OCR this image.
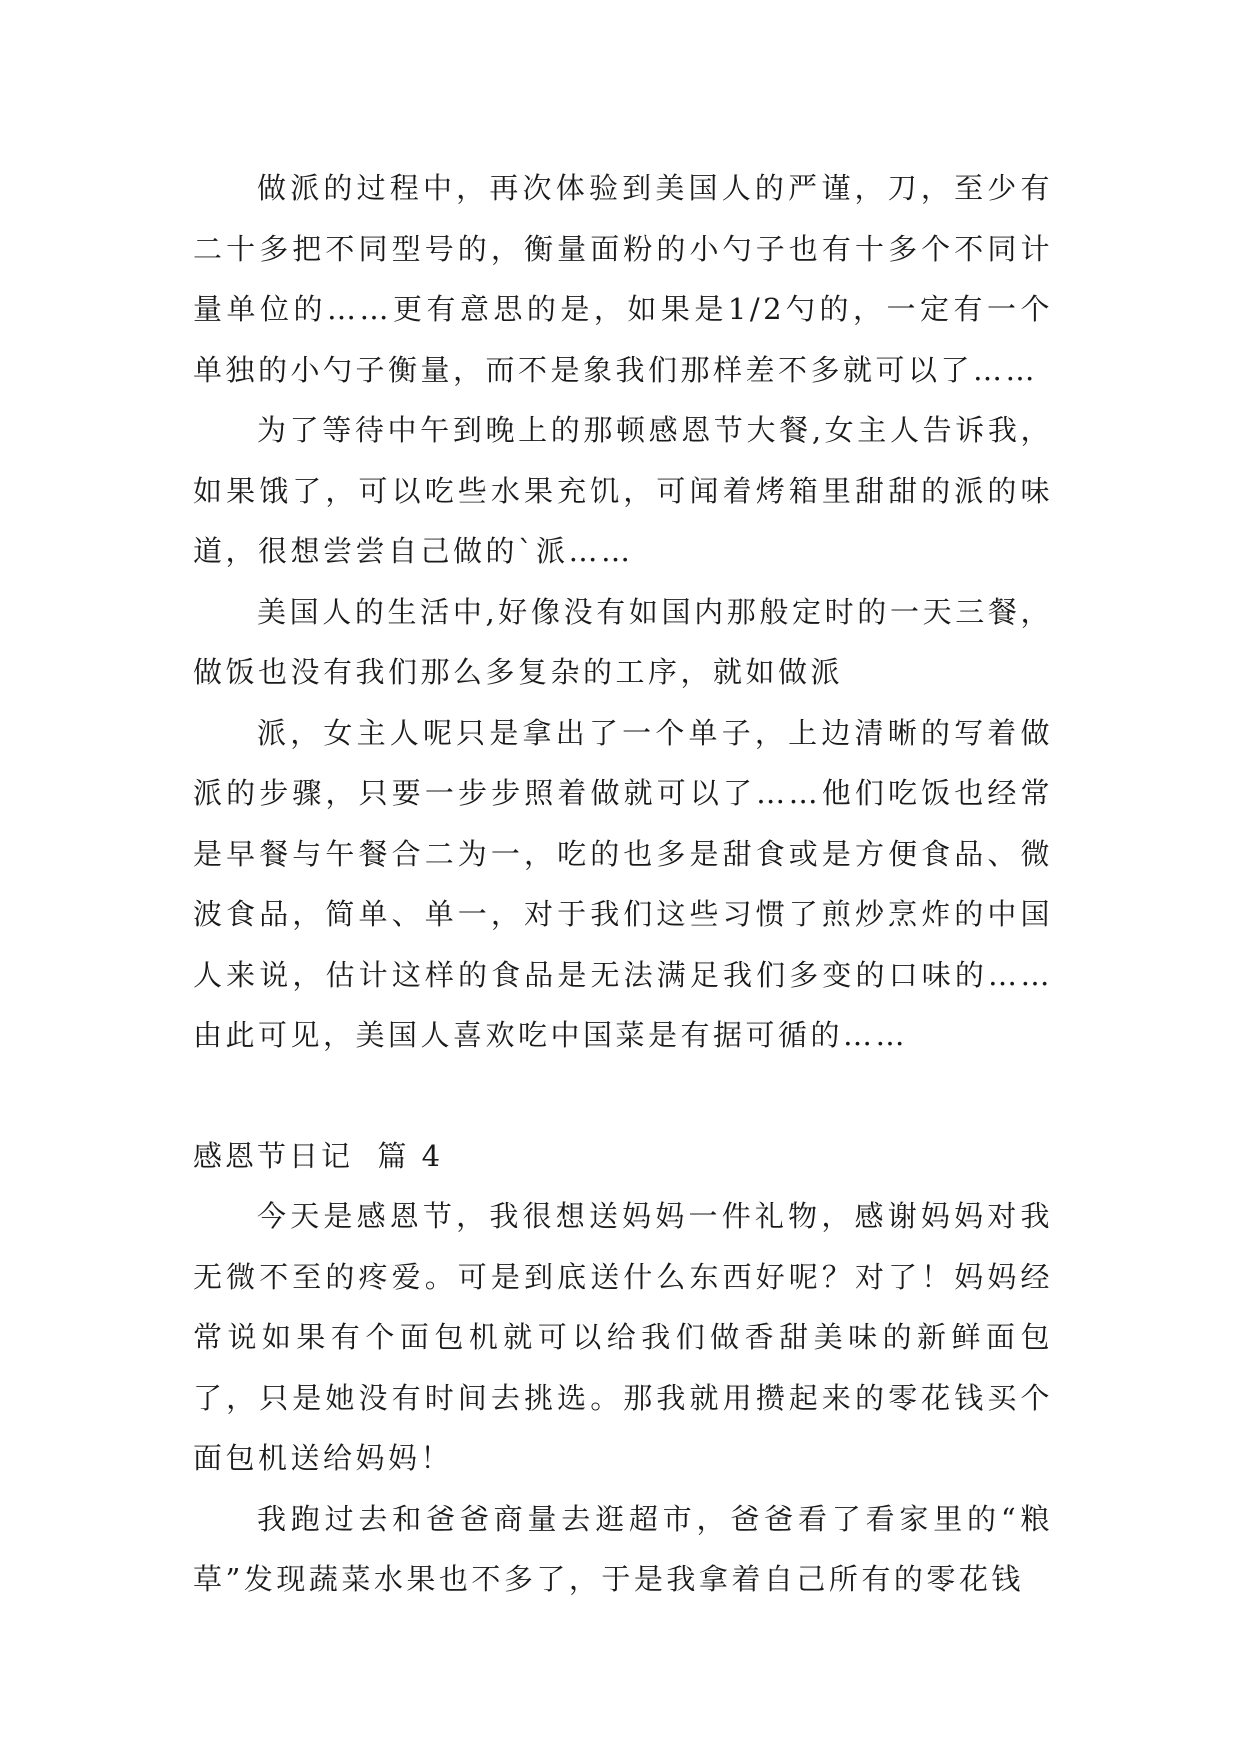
做派的过程中，再次体验到美国人的严谨，刀，至少有二十多把不同型号的，衡量面粉的小勺子也有十多个不同计量单位的……更有意思的是，如果是1/2勺的，一定有一个单独的小勺子衡量，而不是象我们那样差不多就可以了……

为了等待中午到晚上的那顿感恩节大餐,女主人告诉我，如果饿了，可以吃些水果充饥，可闻着烤箱里甜甜的派的味道，很想尝尝自己做的`派……

美国人的生活中,好像没有如国内那般定时的一天三餐，做饭也没有我们那么多复杂的工序，就如做派

派，女主人呢只是拿出了一个单子，上边清晰的写着做派的步骤，只要一步步照着做就可以了……他们吃饭也经常是早餐与午餐合二为一，吃的也多是甜食或是方便食品、微波食品，简单、单一，对于我们这些习惯了煎炒烹炸的中国人来说，估计这样的食品是无法满足我们多变的口味的……由此可见，美国人喜欢吃中国菜是有据可循的……

感恩节日记  篇 4

今天是感恩节，我很想送妈妈一件礼物，感谢妈妈对我无微不至的疼爱。可是到底送什么东西好呢？对了！妈妈经常说如果有个面包机就可以给我们做香甜美味的新鲜面包了，只是她没有时间去挑选。那我就用攒起来的零花钱买个面包机送给妈妈！

我跑过去和爸爸商量去逛超市，爸爸看了看家里的“粮草”发现蔬菜水果也不多了，于是我拿着自己所有的零花钱
